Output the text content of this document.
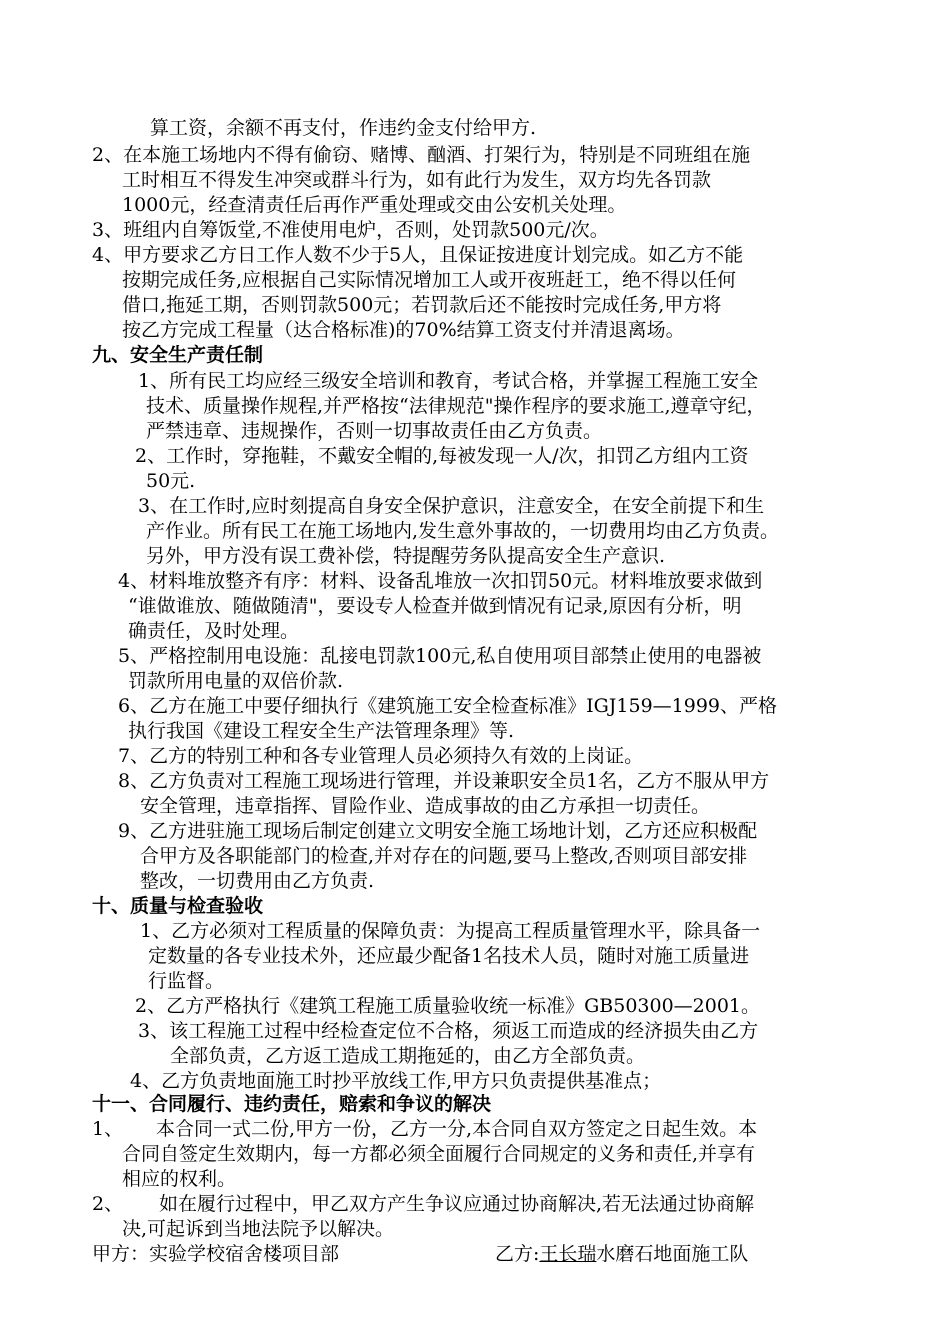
算工资，余额不再支付，作违约金支付给甲方.
2、在本施工场地内不得有偷窃、赌博、酗酒、打架行为，特别是不同班组在施
工时相互不得发生冲突或群斗行为，如有此行为发生，双方均先各罚款
1000元，经查清责任后再作严重处理或交由公安机关处理。
3、班组内自筹饭堂,不准使用电炉，否则，处罚款500元/次。
4、甲方要求乙方日工作人数不少于5人，且保证按进度计划完成。如乙方不能
按期完成任务,应根据自己实际情况增加工人或开夜班赶工，绝不得以任何
借口,拖延工期，否则罚款500元；若罚款后还不能按时完成任务,甲方将
按乙方完成工程量（达合格标准)的70%结算工资支付并清退离场。
九、安全生产责任制
1、所有民工均应经三级安全培训和教育，考试合格，并掌握工程施工安全
技术、质量操作规程,并严格按“法律规范"操作程序的要求施工,遵章守纪，
严禁违章、违规操作，否则一切事故责任由乙方负责。
2、工作时，穿拖鞋，不戴安全帽的,每被发现一人/次，扣罚乙方组内工资
50元.
3、在工作时,应时刻提高自身安全保护意识，注意安全，在安全前提下和生
产作业。所有民工在施工场地内,发生意外事故的，一切费用均由乙方负责。
另外，甲方没有误工费补偿，特提醒劳务队提高安全生产意识.
4、材料堆放整齐有序：材料、设备乱堆放一次扣罚50元。材料堆放要求做到
“谁做谁放、随做随清"，要设专人检查并做到情况有记录,原因有分析，明
确责任，及时处理。
5、严格控制用电设施：乱接电罚款100元,私自使用项目部禁止使用的电器被
罚款所用电量的双倍价款.
6、乙方在施工中要仔细执行《建筑施工安全检查标准》IGJ159—1999、严格
执行我国《建设工程安全生产法管理条理》等.
7、乙方的特别工种和各专业管理人员必须持久有效的上岗证。
8、乙方负责对工程施工现场进行管理，并设兼职安全员1名，乙方不服从甲方
安全管理，违章指挥、冒险作业、造成事故的由乙方承担一切责任。
9、乙方进驻施工现场后制定创建立文明安全施工场地计划，乙方还应积极配
合甲方及各职能部门的检查,并对存在的问题,要马上整改,否则项目部安排
整改，一切费用由乙方负责.
十、质量与检查验收
1、乙方必须对工程质量的保障负责：为提高工程质量管理水平，除具备一
定数量的各专业技术外，还应最少配备1名技术人员，随时对施工质量进
行监督。
2、乙方严格执行《建筑工程施工质量验收统一标准》GB50300—2001。
3、该工程施工过程中经检查定位不合格，须返工而造成的经济损失由乙方
全部负责，乙方返工造成工期拖延的，由乙方全部负责。
4、乙方负责地面施工时抄平放线工作,甲方只负责提供基准点；
十一、合同履行、违约责任，赔索和争议的解决
1、 本合同一式二份,甲方一份，乙方一分,本合同自双方签定之日起生效。本
合同自签定生效期内，每一方都必须全面履行合同规定的义务和责任,并享有
相应的权利。
2、 如在履行过程中，甲乙双方产生争议应通过协商解决,若无法通过协商解
决,可起诉到当地法院予以解决。
甲方：实验学校宿舍楼项目部	乙方:王长瑞水磨石地面施工队
